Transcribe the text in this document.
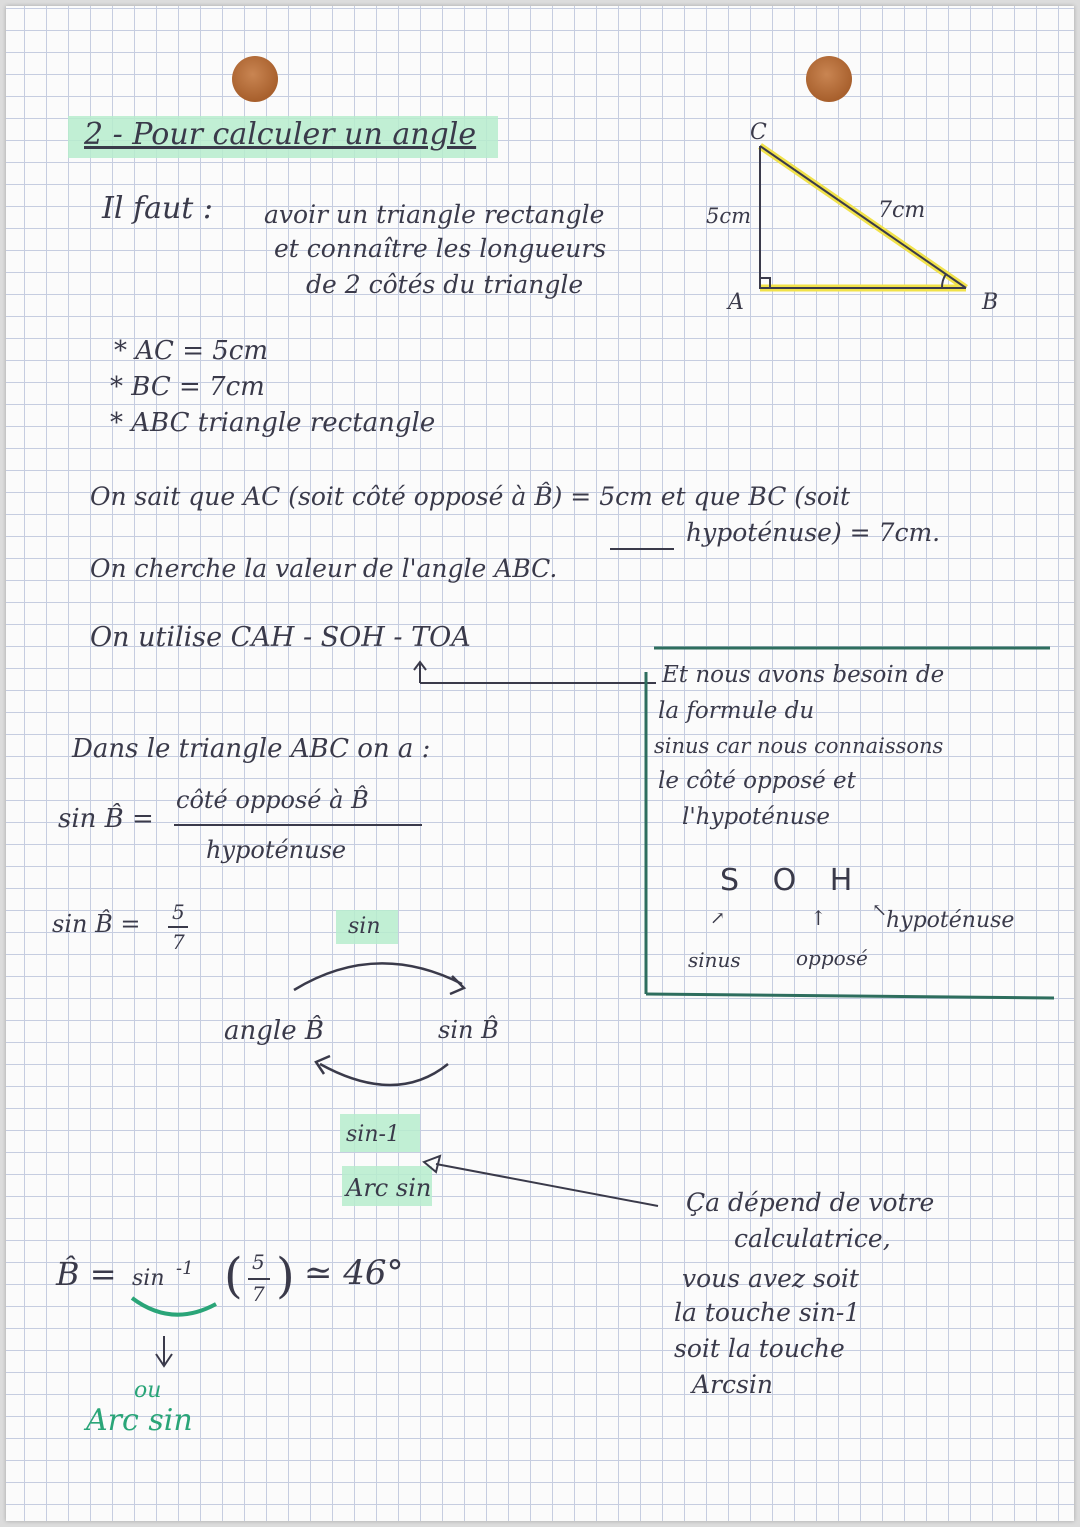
2 - Pour calculer un angle
Il faut : avoir un triangle rectangle
et connaître les longueurs
de 2 côtés du triangle
C
A	B
5cm	7cm
* AC = 5cm
* BC = 7cm
* ABC triangle rectangle
On sait que AC (soit côté opposé à B̂) = 5cm et que BC (soit
hypoténuse) = 7cm.
On cherche la valeur de l'angle ABC.
On utilise CAH - SOH - TOA
Et nous avons besoin de
la formule du
sinus car nous connaissons
le côté opposé et
l'hypoténuse
S O H
↗	↑	↖
sinus	opposé
hypoténuse
Dans le triangle ABC on a :
sin B̂ =
côté opposé à B̂
hypoténuse
sin B̂ = 5
7
sin
angle B̂	sin B̂
sin-1
Arc sin
B̂ = sin -1 ( 5
7 ) ≃ 46°
ou
Arc sin
Ça dépend de votre
calculatrice,
vous avez soit
la touche sin-1
soit la touche
Arcsin
